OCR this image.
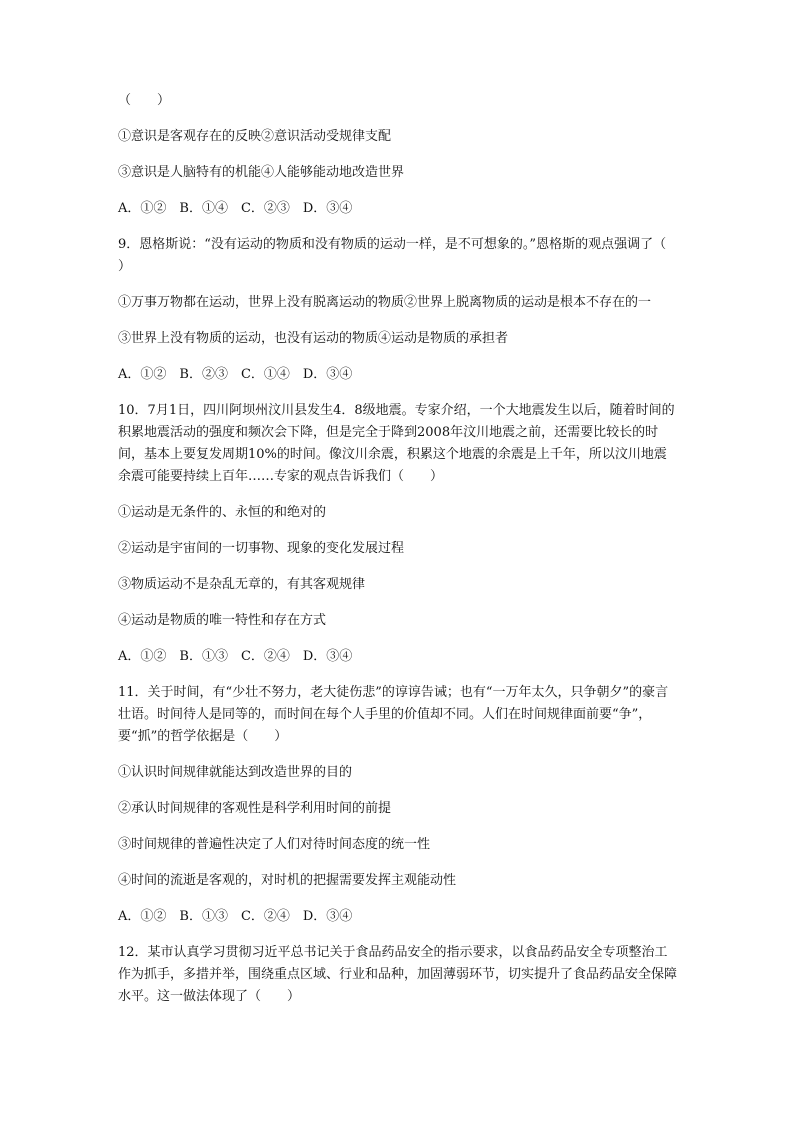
（　　）

①意识是客观存在的反映②意识活动受规律支配

③意识是人脑特有的机能④人能够能动地改造世界

A．①②　B．①④　C．②③　D．③④

9．恩格斯说：“没有运动的物质和没有物质的运动一样，是不可想象的。”恩格斯的观点强调了（　　）

①万事万物都在运动，世界上没有脱离运动的物质②世界上脱离物质的运动是根本不存在的一

③世界上没有物质的运动，也没有运动的物质④运动是物质的承担者

A．①②　B．②③　C．①④　D．③④

10．7月1日，四川阿坝州汶川县发生4．8级地震。专家介绍，一个大地震发生以后，随着时间的积累地震活动的强度和频次会下降，但是完全于降到2008年汶川地震之前，还需要比较长的时间，基本上要复发周期10%的时间。像汶川余震，积累这个地震的余震是上千年，所以汶川地震余震可能要持续上百年……专家的观点告诉我们（　　）

①运动是无条件的、永恒的和绝对的

②运动是宇宙间的一切事物、现象的变化发展过程

③物质运动不是杂乱无章的，有其客观规律

④运动是物质的唯一特性和存在方式

A．①②　B．①③　C．②④　D．③④

11．关于时间，有“少壮不努力，老大徒伤悲”的谆谆告诫；也有“一万年太久，只争朝夕”的豪言壮语。时间待人是同等的，而时间在每个人手里的价值却不同。人们在时间规律面前要“争”，要“抓”的哲学依据是（　　）

①认识时间规律就能达到改造世界的目的

②承认时间规律的客观性是科学利用时间的前提

③时间规律的普遍性决定了人们对待时间态度的统一性

④时间的流逝是客观的，对时机的把握需要发挥主观能动性

A．①②　B．①③　C．②④　D．③④

12．某市认真学习贯彻习近平总书记关于食品药品安全的指示要求，以食品药品安全专项整治工作为抓手，多措并举，围绕重点区域、行业和品种，加固薄弱环节，切实提升了食品药品安全保障水平。这一做法体现了（　　）
